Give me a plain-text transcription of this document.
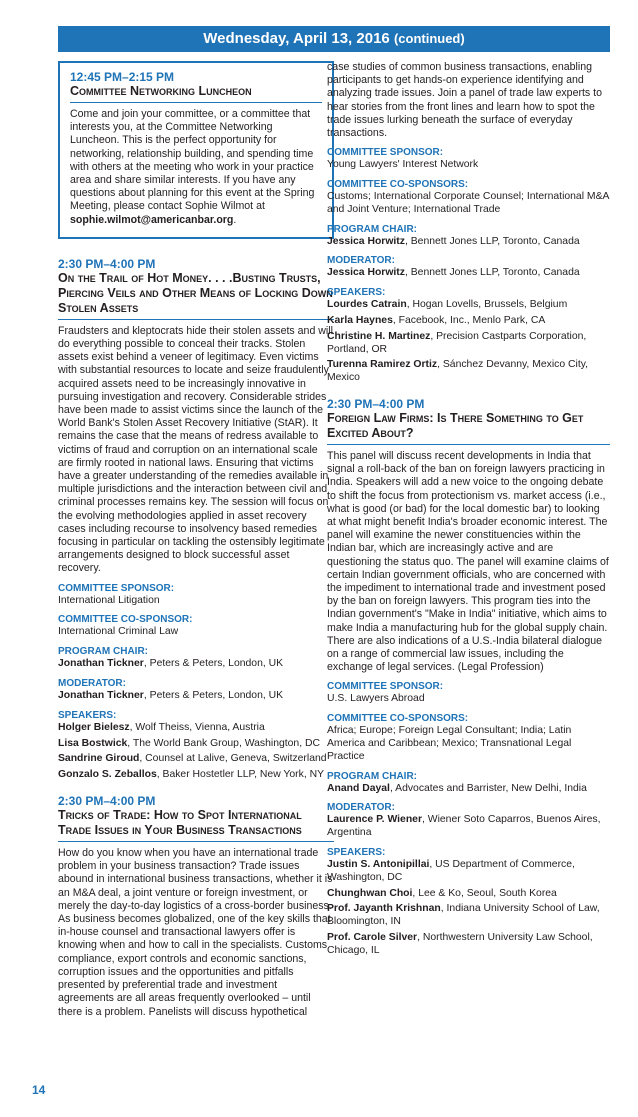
Wednesday, April 13, 2016 (continued)
12:45 PM–2:15 PM
Committee Networking Luncheon

Come and join your committee, or a committee that interests you, at the Committee Networking Luncheon. This is the perfect opportunity for networking, relationship building, and spending time with others at the meeting who work in your practice area and share similar interests. If you have any questions about planning for this event at the Spring Meeting, please contact Sophie Wilmot at sophie.wilmot@americanbar.org.

2:30 PM–4:00 PM
On the Trail of Hot Money. . . .Busting Trusts, Piercing Veils and Other Means of Locking Down Stolen Assets

Fraudsters and kleptocrats hide their stolen assets and will do everything possible to conceal their tracks. Stolen assets exist behind a veneer of legitimacy. Even victims with substantial resources to locate and seize fraudulently acquired assets need to be increasingly innovative in pursuing investigation and recovery. Considerable strides have been made to assist victims since the launch of the World Bank's Stolen Asset Recovery Initiative (StAR). It remains the case that the means of redress available to victims of fraud and corruption on an international scale are firmly rooted in national laws. Ensuring that victims have a greater understanding of the remedies available in multiple jurisdictions and the interaction between civil and criminal processes remains key. The session will focus on the evolving methodologies applied in asset recovery cases including recourse to insolvency based remedies focusing in particular on tackling the ostensibly legitimate arrangements designed to block successful asset recovery.

COMMITTEE SPONSOR:
International Litigation
COMMITTEE CO-SPONSOR:
International Criminal Law
PROGRAM CHAIR:
Jonathan Tickner, Peters & Peters, London, UK
MODERATOR:
Jonathan Tickner, Peters & Peters, London, UK
SPEAKERS:
Holger Bielesz, Wolf Theiss, Vienna, Austria
Lisa Bostwick, The World Bank Group, Washington, DC
Sandrine Giroud, Counsel at Lalive, Geneva, Switzerland
Gonzalo S. Zeballos, Baker Hostetler LLP, New York, NY
2:30 PM–4:00 PM
Tricks of Trade: How to Spot International Trade Issues in Your Business Transactions

How do you know when you have an international trade problem in your business transaction? Trade issues abound in international business transactions, whether it is an M&A deal, a joint venture or foreign investment, or merely the day-to-day logistics of a cross-border business. As business becomes globalized, one of the key skills that in-house counsel and transactional lawyers offer is knowing when and how to call in the specialists. Customs compliance, export controls and economic sanctions, corruption issues and the opportunities and pitfalls presented by preferential trade and investment agreements are all areas frequently overlooked – until there is a problem. Panelists will discuss hypothetical

case studies of common business transactions, enabling participants to get hands-on experience identifying and analyzing trade issues. Join a panel of trade law experts to hear stories from the front lines and learn how to spot the trade issues lurking beneath the surface of everyday transactions.

COMMITTEE SPONSOR:
Young Lawyers' Interest Network
COMMITTEE CO-SPONSORS:
Customs; International Corporate Counsel; International M&A and Joint Venture; International Trade
PROGRAM CHAIR:
Jessica Horwitz, Bennett Jones LLP, Toronto, Canada
MODERATOR:
Jessica Horwitz, Bennett Jones LLP, Toronto, Canada
SPEAKERS:
Lourdes Catrain, Hogan Lovells, Brussels, Belgium
Karla Haynes, Facebook, Inc., Menlo Park, CA
Christine H. Martinez, Precision Castparts Corporation, Portland, OR
Turenna Ramirez Ortiz, Sánchez Devanny, Mexico City, Mexico
2:30 PM–4:00 PM
Foreign Law Firms: Is There Something to Get Excited About?

This panel will discuss recent developments in India that signal a roll-back of the ban on foreign lawyers practicing in India. Speakers will add a new voice to the ongoing debate to shift the focus from protectionism vs. market access (i.e., what is good (or bad) for the local domestic bar) to looking at what might benefit India's broader economic interest. The panel will examine the newer constituencies within the Indian bar, which are increasingly active and are questioning the status quo. The panel will examine claims of certain Indian government officials, who are concerned with the impediment to international trade and investment posed by the ban on foreign lawyers. This program ties into the Indian government's "Make in India" initiative, which aims to make India a manufacturing hub for the global supply chain. There are also indications of a U.S.-India bilateral dialogue on a range of commercial law issues, including the exchange of legal services. (Legal Profession)

COMMITTEE SPONSOR:
U.S. Lawyers Abroad
COMMITTEE CO-SPONSORS:
Africa; Europe; Foreign Legal Consultant; India; Latin America and Caribbean; Mexico; Transnational Legal Practice
PROGRAM CHAIR:
Anand Dayal, Advocates and Barrister, New Delhi, India
MODERATOR:
Laurence P. Wiener, Wiener Soto Caparros, Buenos Aires, Argentina
SPEAKERS:
Justin S. Antonipillai, US Department of Commerce, Washington, DC
Chunghwan Choi, Lee & Ko, Seoul, South Korea
Prof. Jayanth Krishnan, Indiana University School of Law, Bloomington, IN
Prof. Carole Silver, Northwestern University Law School, Chicago, IL
14
